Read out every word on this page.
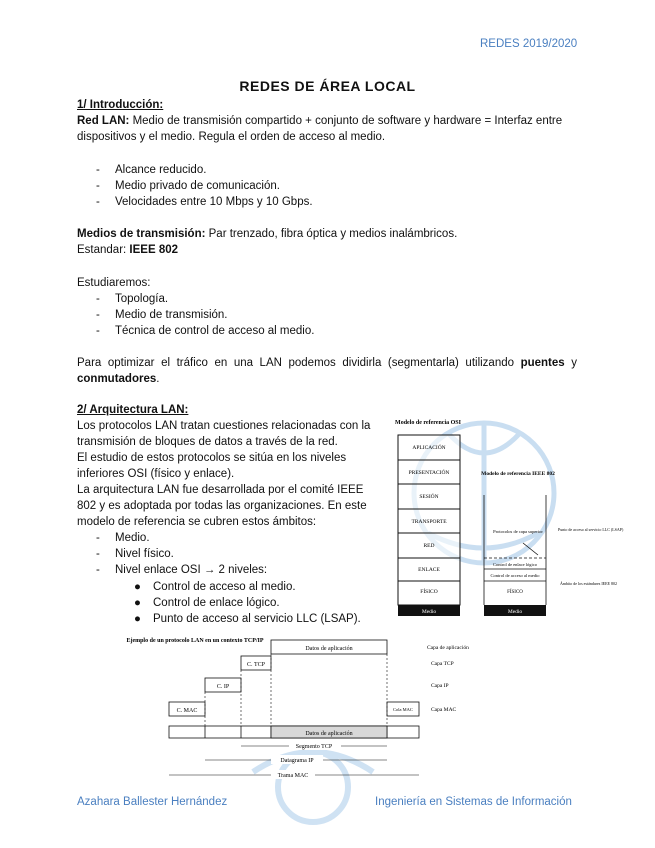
REDES 2019/2020
REDES DE ÁREA LOCAL
1/ Introducción:
Red LAN: Medio de transmisión compartido + conjunto de software y hardware = Interfaz entre
dispositivos y el medio. Regula el orden de acceso al medio.
- Alcance reducido.
- Medio privado de comunicación.
- Velocidades entre 10 Mbps y 10 Gbps.
Medios de transmisión: Par trenzado, fibra óptica y medios inalámbricos.
Estandar: IEEE 802
Estudiaremos:
- Topología.
- Medio de transmisión.
- Técnica de control de acceso al medio.
Para optimizar el tráfico en una LAN podemos dividirla (segmentarla) utilizando puentes y conmutadores.
2/ Arquitectura LAN:
Los protocolos LAN tratan cuestiones relacionadas con la
transmisión de bloques de datos a través de la red.
El estudio de estos protocolos se sitúa en los niveles
inferiores OSI (físico y enlace).
La arquitectura LAN fue desarrollada por el comité IEEE
802 y es adoptada por todas las organizaciones. En este
modelo de referencia se cubren estos ámbitos:
- Medio.
- Nivel físico.
- Nivel enlace OSI → 2 niveles:
● Control de acceso al medio.
● Control de enlace lógico.
● Punto de acceso al servicio LLC (LSAP).
Modelo de referencia OSI
APLICACIÓN
PRESENTACIÓN
SESIÓN
TRANSPORTE
RED
ENLACE
FÍSICO
Medio
Modelo de referencia IEEE 802
Protocolos de capa superior	Punto de acceso al servicio LLC (LSAP)
Control de enlace lógico
Control de acceso al medio
FÍSICO
Ámbito de los estándares IEEE 802
Medio
Ejemplo de un protocolo LAN en un contexto TCP/IP
Datos de aplicación
C. TCP
C. IP
C. MAC	Cola MAC
Datos de aplicación
Capa de aplicación
Capa TCP
Capa IP
Capa MAC
Segmento TCP
Datagrama IP
Trama MAC
Azahara Ballester Hernández	Ingeniería en Sistemas de Información
